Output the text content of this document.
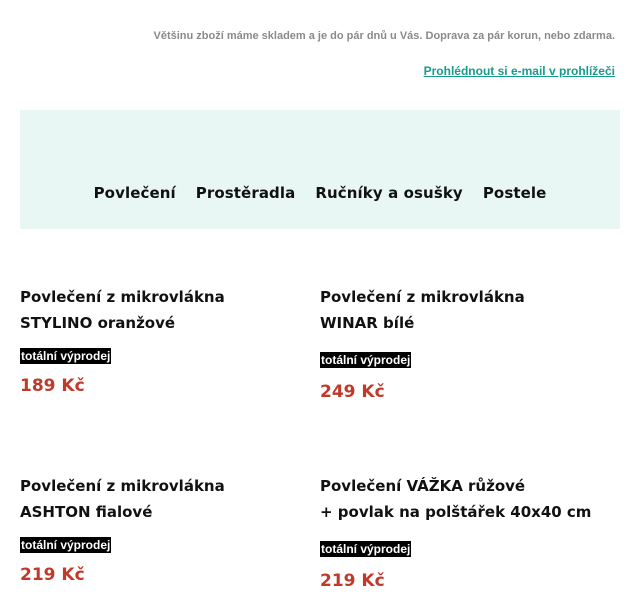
Většinu zboží máme skladem a je do pár dnů u Vás. Doprava za pár korun, nebo zdarma.
Prohlédnout si e-mail v prohlížeči
Povlečení Prostěradla Ručníky a osušky Postele
Povlečení z mikrovlákna
STYLINO oranžové
totální výprodej
189 Kč
Povlečení z mikrovlákna
WINAR bílé
totální výprodej
249 Kč
Povlečení z mikrovlákna
ASHTON fialové
totální výprodej
219 Kč
Povlečení VÁŽKA růžové
+ povlak na polštářek 40x40 cm
totální výprodej
219 Kč
